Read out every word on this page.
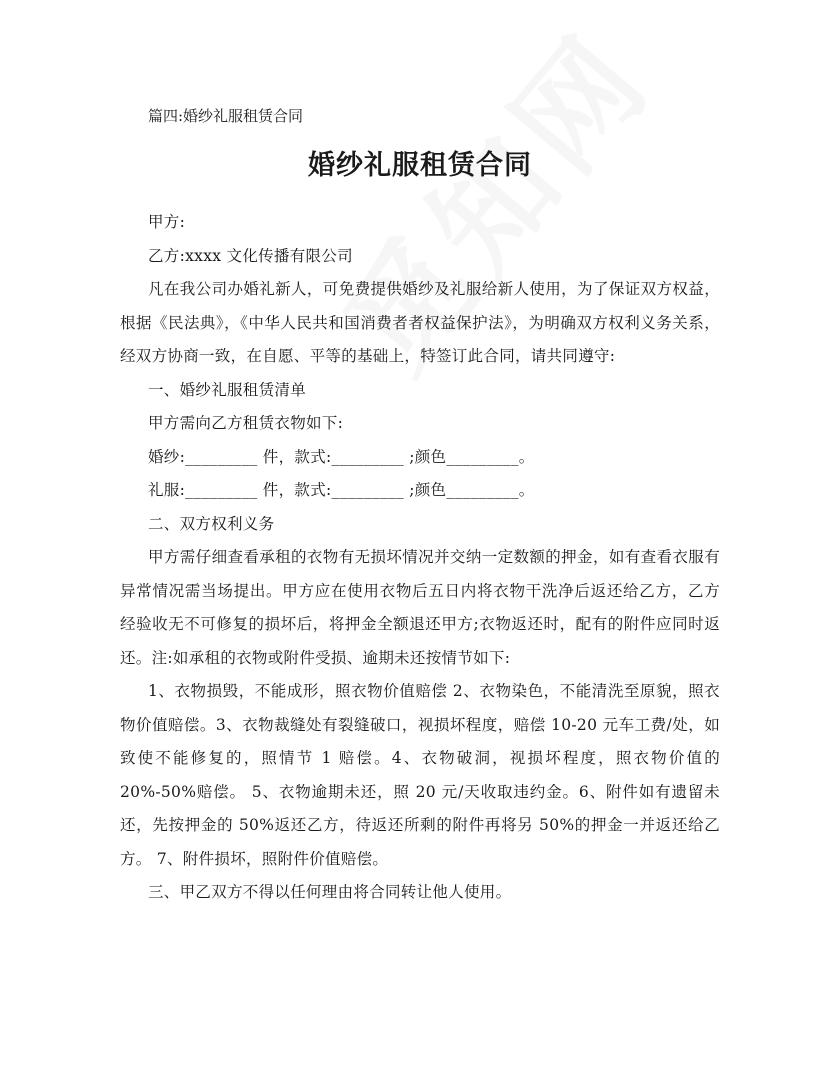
篇四:婚纱礼服租赁合同
婚纱礼服租赁合同

甲方:

乙方:xxxx 文化传播有限公司

凡在我公司办婚礼新人，可免费提供婚纱及礼服给新人使用，为了保证双方权益，根据《民法典》，《中华人民共和国消费者者权益保护法》，为明确双方权利义务关系，经双方协商一致，在自愿、平等的基础上，特签订此合同，请共同遵守:

一、婚纱礼服租赁清单

甲方需向乙方租赁衣物如下:

婚纱:_________ 件，款式:_________ ;颜色_________。

礼服:_________ 件，款式:_________ ;颜色_________。

二、双方权利义务

甲方需仔细查看承租的衣物有无损坏情况并交纳一定数额的押金，如有查看衣服有异常情况需当场提出。甲方应在使用衣物后五日内将衣物干洗净后返还给乙方，乙方经验收无不可修复的损坏后，将押金全额退还甲方;衣物返还时，配有的附件应同时返还。注:如承租的衣物或附件受损、逾期未还按情节如下:

1、衣物损毁，不能成形，照衣物价值赔偿 2、衣物染色，不能清洗至原貌，照衣物价值赔偿。3、衣物裁缝处有裂缝破口，视损坏程度，赔偿 10-20 元车工费/处，如致使不能修复的，照情节 1 赔偿。4、衣物破洞，视损坏程度，照衣物价值的 20%-50%赔偿。 5、衣物逾期未还，照 20 元/天收取违约金。6、附件如有遗留未还，先按押金的 50%返还乙方，待返还所剩的附件再将另 50%的押金一并返还给乙方。 7、附件损坏，照附件价值赔偿。

三、甲乙双方不得以任何理由将合同转让他人使用。
